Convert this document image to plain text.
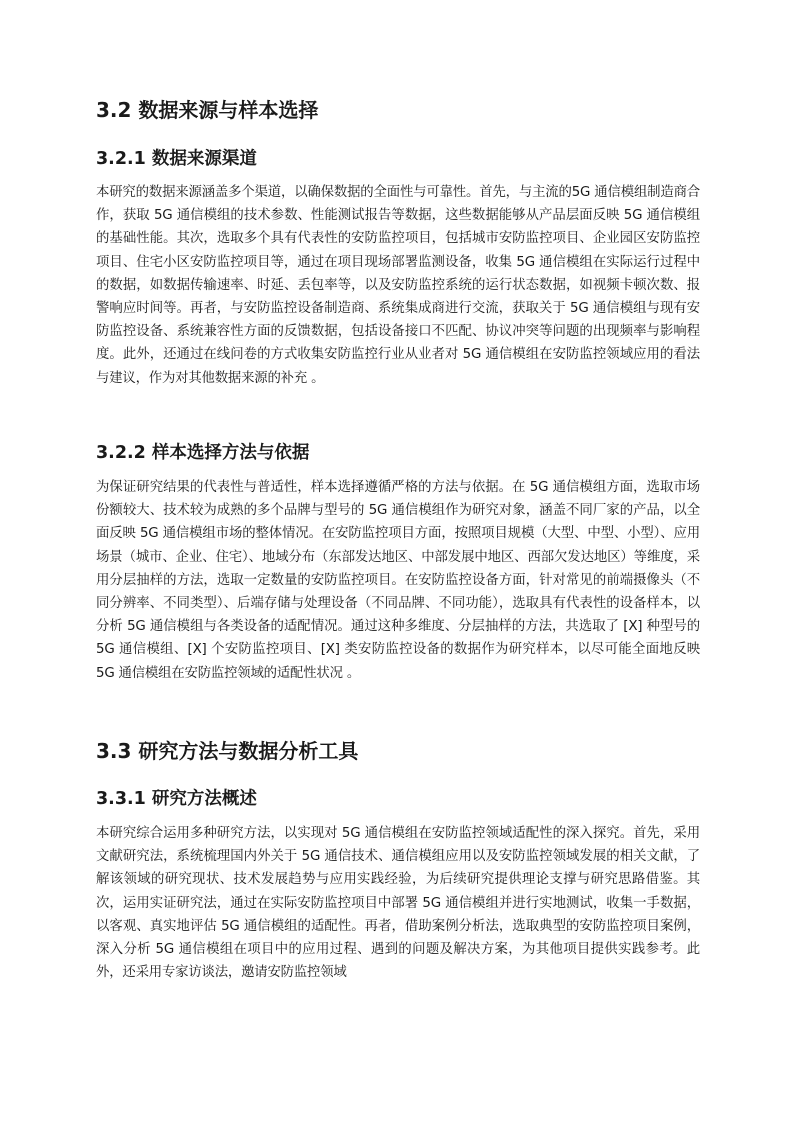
3.2 数据来源与样本选择
3.2.1 数据来源渠道

本研究的数据来源涵盖多个渠道，以确保数据的全面性与可靠性。首先，与主流的5G 通信模组制造商合作，获取 5G 通信模组的技术参数、性能测试报告等数据，这些数据能够从产品层面反映 5G 通信模组的基础性能。其次，选取多个具有代表性的安防监控项目，包括城市安防监控项目、企业园区安防监控项目、住宅小区安防监控项目等，通过在项目现场部署监测设备，收集 5G 通信模组在实际运行过程中的数据，如数据传输速率、时延、丢包率等，以及安防监控系统的运行状态数据，如视频卡顿次数、报警响应时间等。再者，与安防监控设备制造商、系统集成商进行交流，获取关于 5G 通信模组与现有安防监控设备、系统兼容性方面的反馈数据，包括设备接口不匹配、协议冲突等问题的出现频率与影响程度。此外，还通过在线问卷的方式收集安防监控行业从业者对 5G 通信模组在安防监控领域应用的看法与建议，作为对其他数据来源的补充 。

3.2.2 样本选择方法与依据

为保证研究结果的代表性与普适性，样本选择遵循严格的方法与依据。在 5G 通信模组方面，选取市场份额较大、技术较为成熟的多个品牌与型号的 5G 通信模组作为研究对象，涵盖不同厂家的产品，以全面反映 5G 通信模组市场的整体情况。在安防监控项目方面，按照项目规模（大型、中型、小型）、应用场景（城市、企业、住宅）、地域分布（东部发达地区、中部发展中地区、西部欠发达地区）等维度，采用分层抽样的方法，选取一定数量的安防监控项目。在安防监控设备方面，针对常见的前端摄像头（不同分辨率、不同类型）、后端存储与处理设备（不同品牌、不同功能），选取具有代表性的设备样本，以分析 5G 通信模组与各类设备的适配情况。通过这种多维度、分层抽样的方法，共选取了 [X] 种型号的 5G 通信模组、[X] 个安防监控项目、[X] 类安防监控设备的数据作为研究样本，以尽可能全面地反映 5G 通信模组在安防监控领域的适配性状况 。

3.3 研究方法与数据分析工具
3.3.1 研究方法概述

本研究综合运用多种研究方法，以实现对 5G 通信模组在安防监控领域适配性的深入探究。首先，采用文献研究法，系统梳理国内外关于 5G 通信技术、通信模组应用以及安防监控领域发展的相关文献，了解该领域的研究现状、技术发展趋势与应用实践经验，为后续研究提供理论支撑与研究思路借鉴。其次，运用实证研究法，通过在实际安防监控项目中部署 5G 通信模组并进行实地测试，收集一手数据，以客观、真实地评估 5G 通信模组的适配性。再者，借助案例分析法，选取典型的安防监控项目案例，深入分析 5G 通信模组在项目中的应用过程、遇到的问题及解决方案，为其他项目提供实践参考。此外，还采用专家访谈法，邀请安防监控领域
